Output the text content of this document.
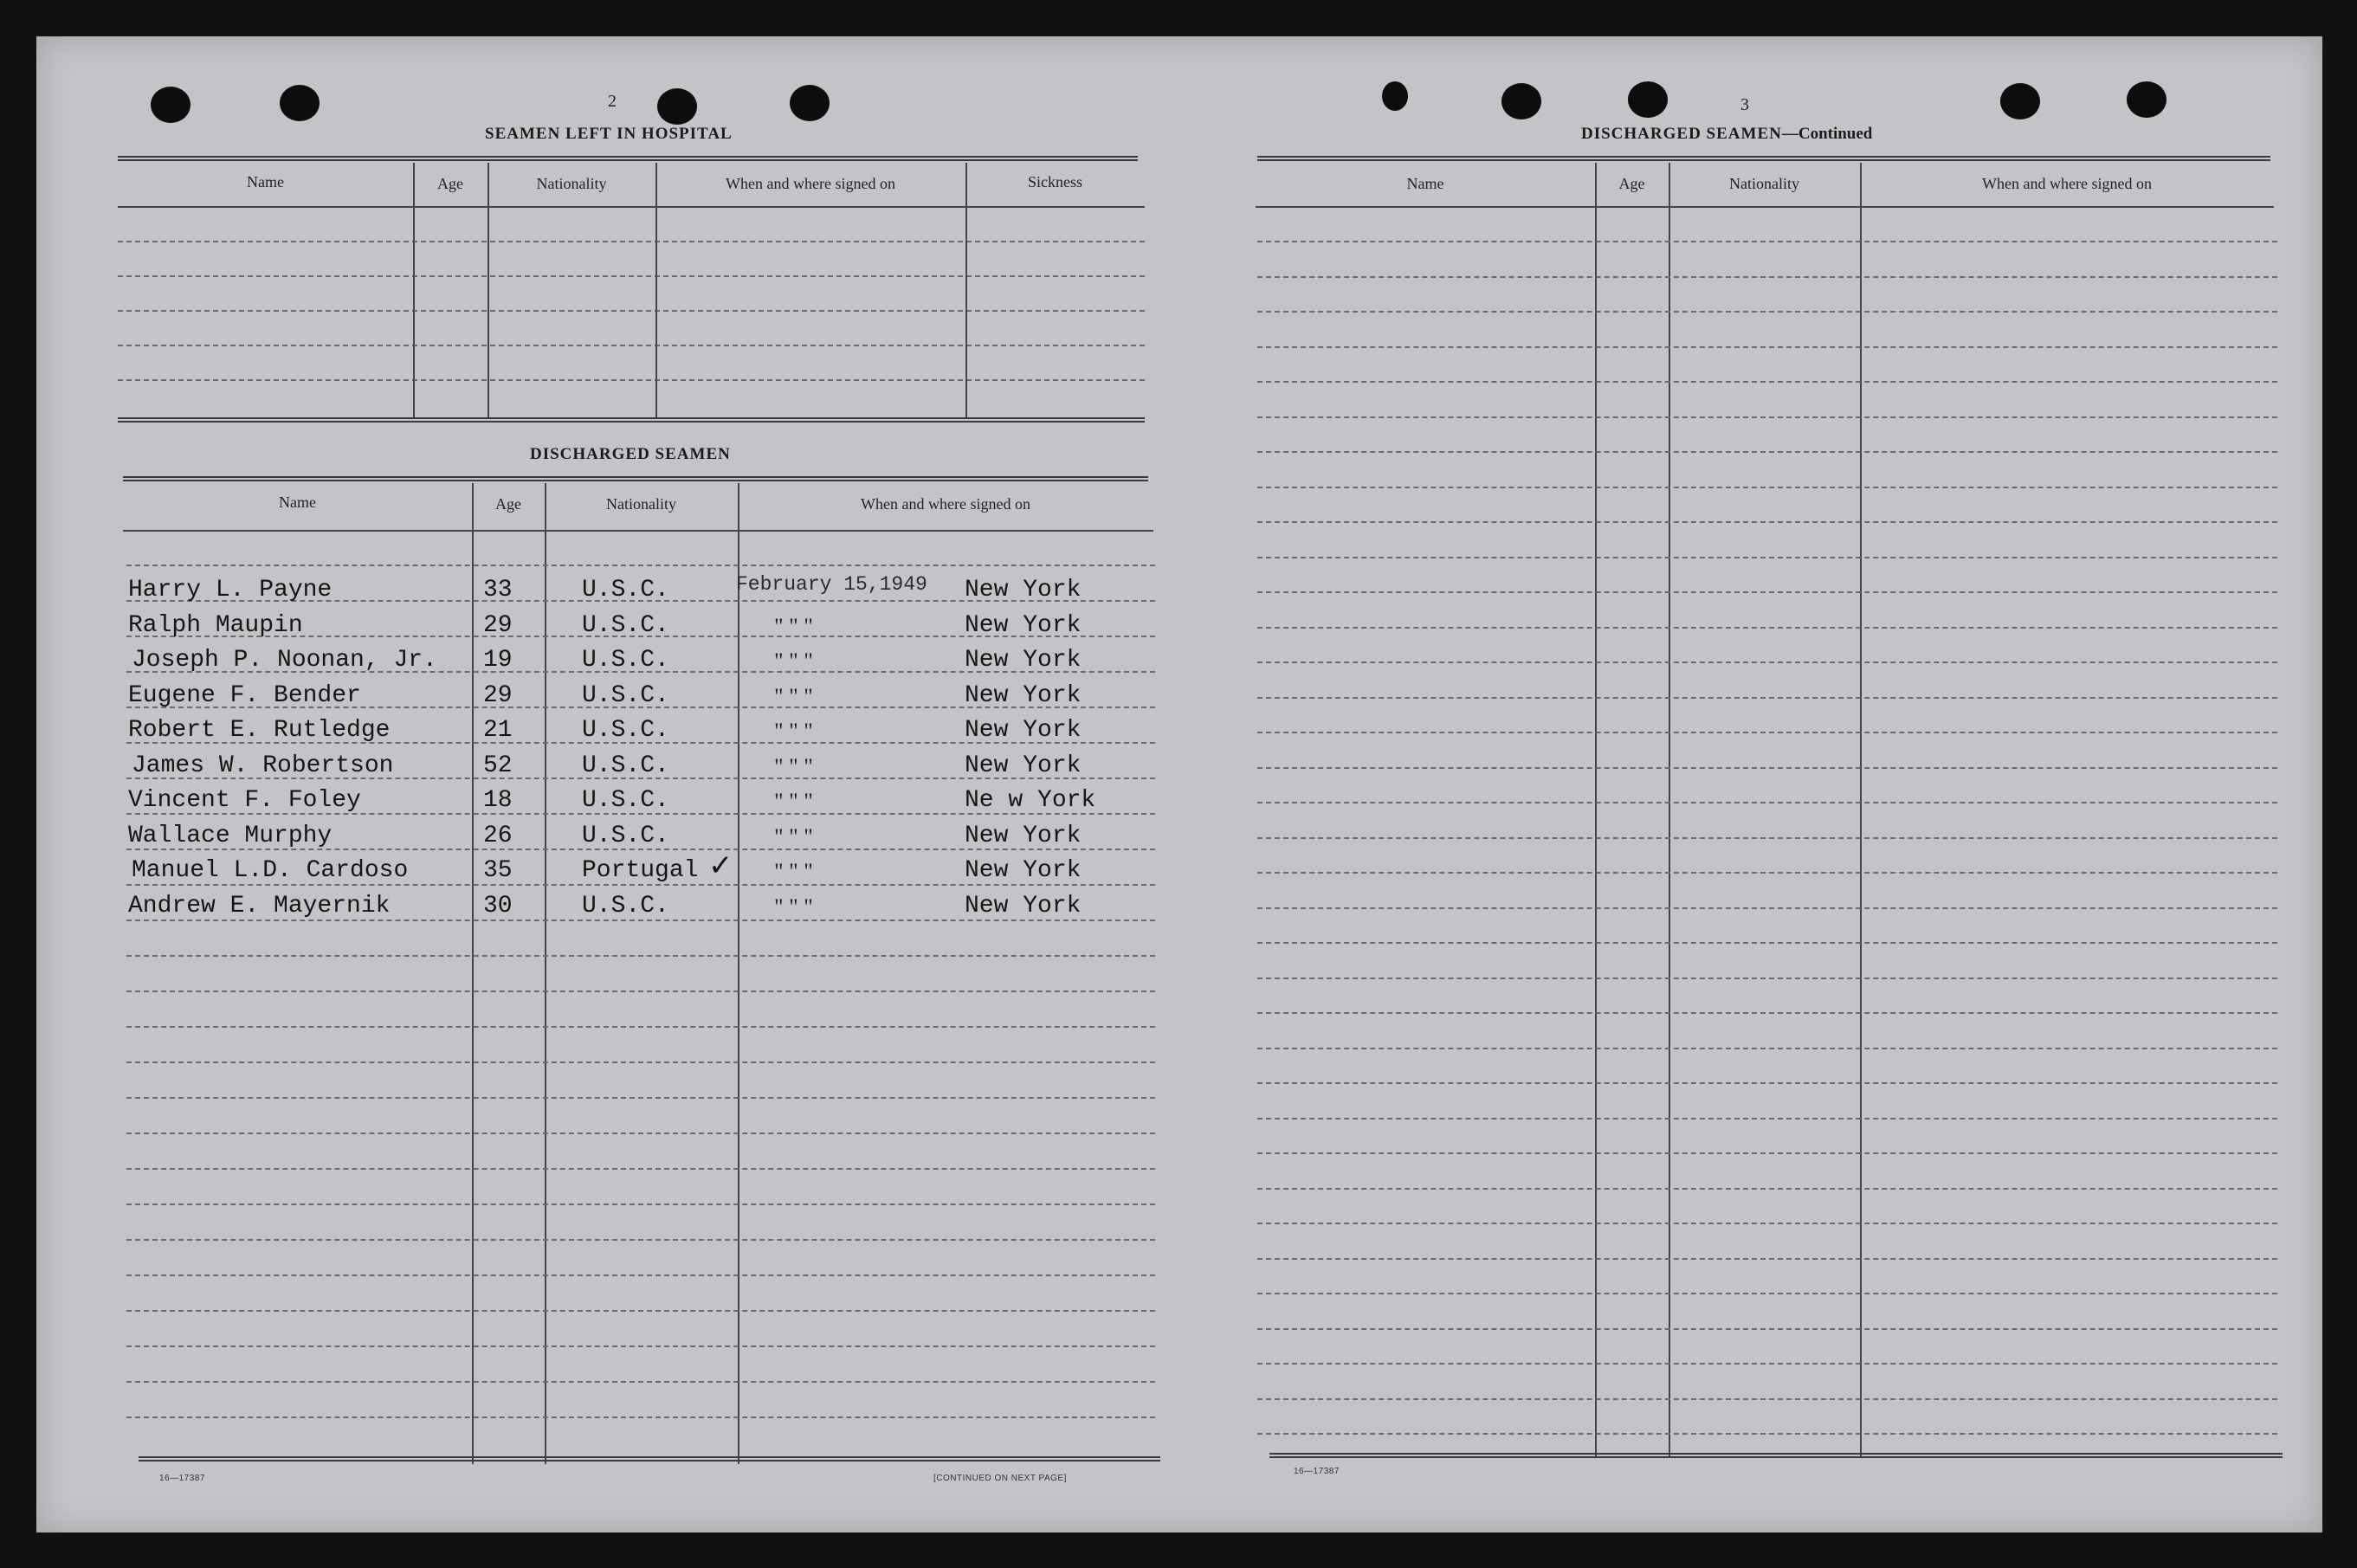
2
SEAMEN LEFT IN HOSPITAL
Name	Age	Nationality	When and where signed on	Sickness
DISCHARGED SEAMEN
Name	Age	Nationality	When and where signed on
Harry L. Payne	33	U.S.C.	February 15,1949 New York
Ralph Maupin	29	U.S.C.	" " "	New York
Joseph P. Noonan, Jr. 19	U.S.C.	" " "	New York
Eugene F. Bender	29	U.S.C.	" " "	New York
Robert E. Rutledge	21	U.S.C.	" " "	New York
James W. Robertson	52	U.S.C.	" " "	New York
Vincent F. Foley	18	U.S.C.	" " "	Ne w York
Wallace Murphy	26	U.S.C.	" " "	New York
Manuel L.D. Cardoso	35	Portugal	" " "	New York
Andrew E. Mayernik	30	U.S.C.	" " "	New York
✓
16—17387	[CONTINUED ON NEXT PAGE]
3
DISCHARGED SEAMEN—Continued
Name	Age	Nationality	When and where signed on
16—17387
